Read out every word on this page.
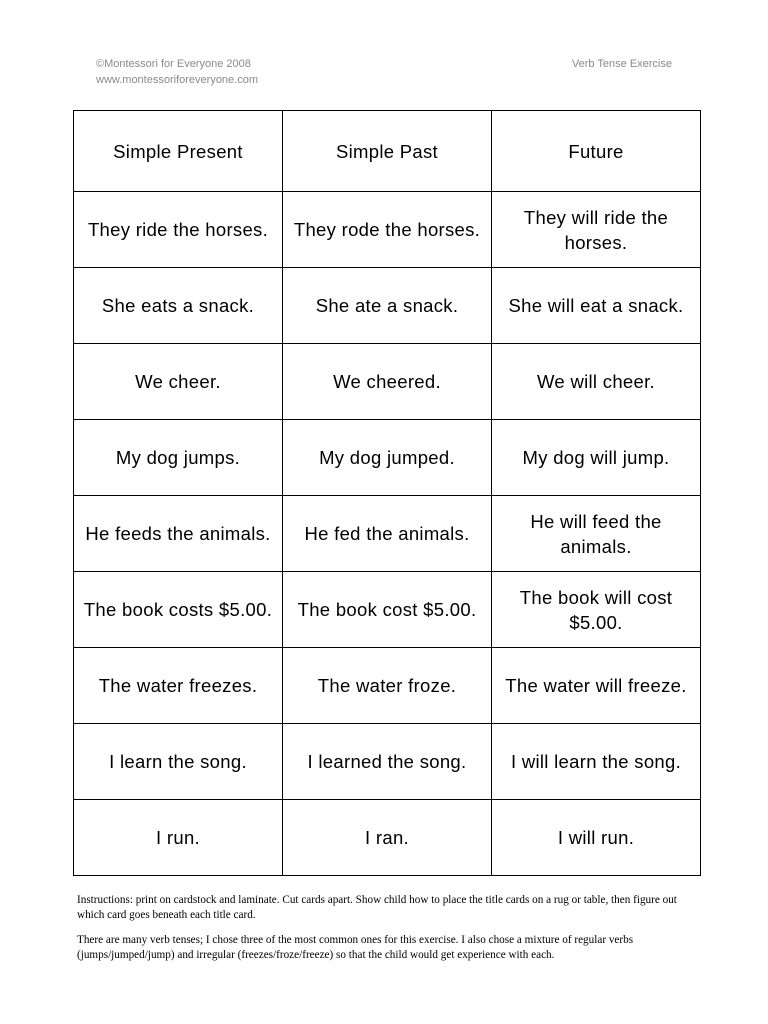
©Montessori for Everyone 2008
www.montessoriforeveryone.com
Verb Tense Exercise
Simple Present	Simple Past	Future
They ride the horses.	They rode the horses.	They will ride the horses.
She eats a snack.	She ate a snack.	She will eat a snack.
We cheer.	We cheered.	We will cheer.
My dog jumps.	My dog jumped.	My dog will jump.
He feeds the animals.	He fed the animals.	He will feed the animals.
The book costs $5.00.	The book cost $5.00.	The book will cost $5.00.
The water freezes.	The water froze.	The water will freeze.
I learn the song.	I learned the song.	I will learn the song.
I run.	I ran.	I will run.

Instructions: print on cardstock and laminate. Cut cards apart. Show child how to place the title cards on a rug or table, then figure out which card goes beneath each title card.

There are many verb tenses; I chose three of the most common ones for this exercise. I also chose a mixture of regular verbs (jumps/jumped/jump) and irregular (freezes/froze/freeze) so that the child would get experience with each.
